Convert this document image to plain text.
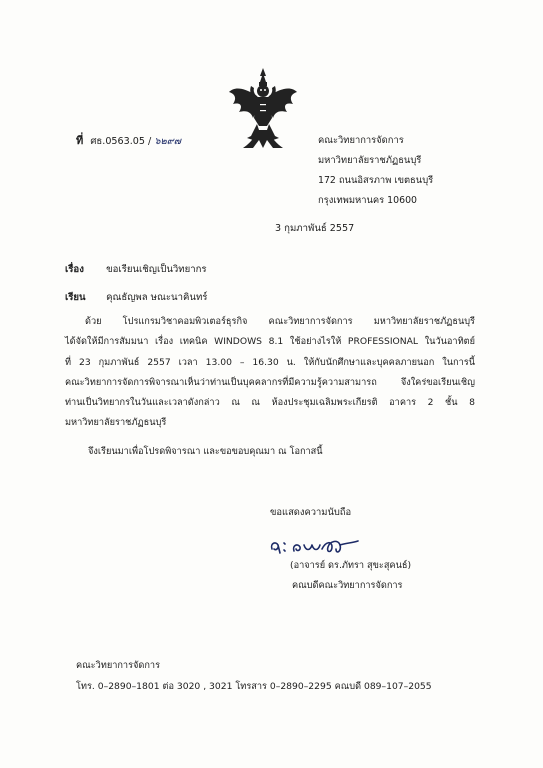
ที่ ศธ.0563.05 / ๖๒๙๗	คณะวิทยาการจัดการ
มหาวิทยาลัยราชภัฏธนบุรี
172 ถนนอิสรภาพ เขตธนบุรี
กรุงเทพมหานคร 10600
3 กุมภาพันธ์ 2557
เรื่อง ขอเรียนเชิญเป็นวิทยากร
เรียน คุณธัญพล ษณะนาคินทร์
ด้วย โปรแกรมวิชาคอมพิวเตอร์ธุรกิจ คณะวิทยาการจัดการ มหาวิทยาลัยราชภัฏธนบุรี
ได้จัดให้มีการสัมมนา เรื่อง เทคนิค WINDOWS 8.1 ใช้อย่างไรให้ PROFESSIONAL ในวันอาทิตย์
ที่ 23 กุมภาพันธ์ 2557 เวลา 13.00 – 16.30 น. ให้กับนักศึกษาและบุคคลภายนอก ในการนี้
คณะวิทยาการจัดการพิจารณาเห็นว่าท่านเป็นบุคคลากรที่มีความรู้ความสามารถ จึงใคร่ขอเรียนเชิญ
ท่านเป็นวิทยากรในวันและเวลาดังกล่าว ณ ณ ห้องประชุมเฉลิมพระเกียรติ อาคาร 2 ชั้น 8
มหาวิทยาลัยราชภัฏธนบุรี
จึงเรียนมาเพื่อโปรดพิจารณา และขอขอบคุณมา ณ โอกาสนี้
ขอแสดงความนับถือ
(อาจารย์ ดร.ภัทรา สุขะสุคนธ์)
คณบดีคณะวิทยาการจัดการ
คณะวิทยาการจัดการ
โทร. 0–2890–1801 ต่อ 3020 , 3021 โทรสาร 0–2890–2295 คณบดี 089–107–2055
